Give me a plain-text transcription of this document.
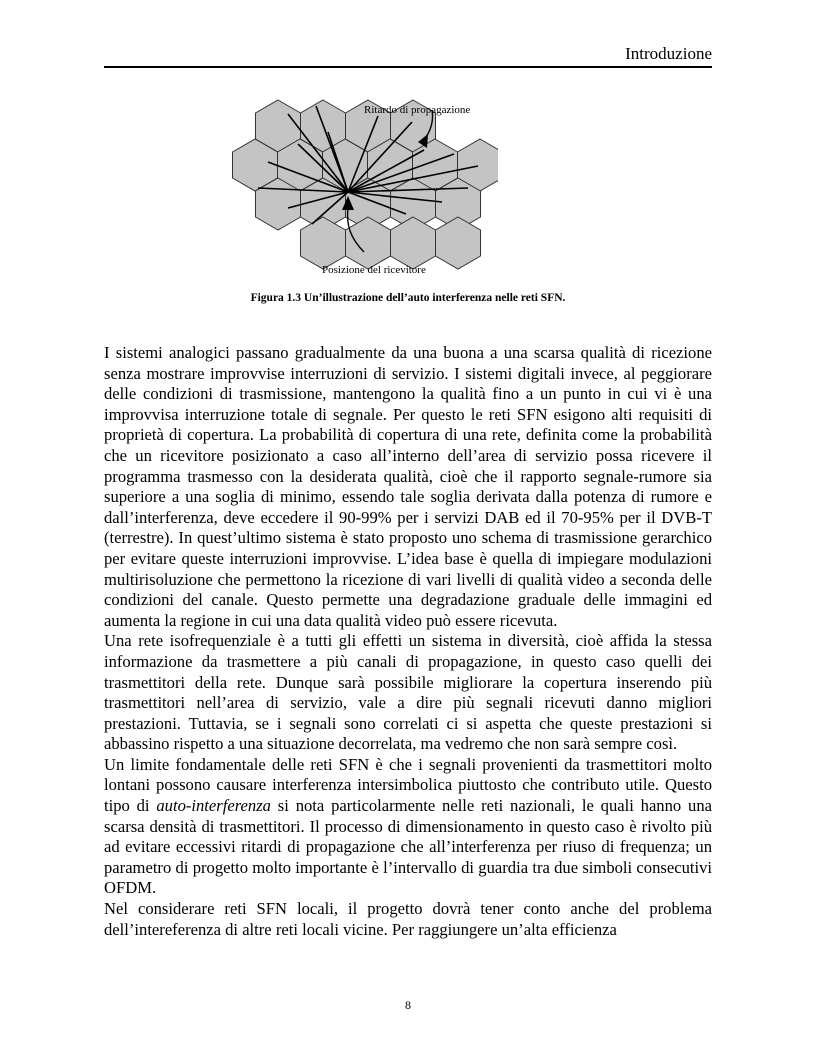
Introduzione
Ritardo di propagazione
Posizione del ricevitore
Figura 1.3 Un’illustrazione dell’auto interferenza nelle reti SFN.

I sistemi analogici passano gradualmente da una buona a una scarsa qualità di ricezione senza mostrare improvvise interruzioni di servizio. I sistemi digitali invece, al peggiorare delle condizioni di trasmissione, mantengono la qualità fino a un punto in cui vi è una improvvisa interruzione totale di segnale. Per questo le reti SFN esigono alti requisiti di proprietà di copertura. La probabilità di copertura di una rete, definita come la probabilità che un ricevitore posizionato a caso all’interno dell’area di servizio possa ricevere il programma trasmesso con la desiderata qualità, cioè che il rapporto segnale-rumore sia superiore a una soglia di minimo, essendo tale soglia derivata dalla potenza di rumore e dall’interferenza, deve eccedere il 90-99% per i servizi DAB ed il 70-95% per il DVB-T (terrestre). In quest’ultimo sistema è stato proposto uno schema di trasmissione gerarchico per evitare queste interruzioni improvvise. L’idea base è quella di impiegare modulazioni multirisoluzione che permettono la ricezione di vari livelli di qualità video a seconda delle condizioni del canale. Questo permette una degradazione graduale delle immagini ed aumenta la regione in cui una data qualità video può essere ricevuta.

Una rete isofrequenziale è a tutti gli effetti un sistema in diversità, cioè affida la stessa informazione da trasmettere a più canali di propagazione, in questo caso quelli dei trasmettitori della rete. Dunque sarà possibile migliorare la copertura inserendo più trasmettitori nell’area di servizio, vale a dire più segnali ricevuti danno migliori prestazioni. Tuttavia, se i segnali sono correlati ci si aspetta che queste prestazioni si abbassino rispetto a una situazione decorrelata, ma vedremo che non sarà sempre così.

Un limite fondamentale delle reti SFN è che i segnali provenienti da trasmettitori molto lontani possono causare interferenza intersimbolica piuttosto che contributo utile. Questo tipo di auto-interferenza si nota particolarmente nelle reti nazionali, le quali hanno una scarsa densità di trasmettitori. Il processo di dimensionamento in questo caso è rivolto più ad evitare eccessivi ritardi di propagazione che all’interferenza per riuso di frequenza; un parametro di progetto molto importante è l’intervallo di guardia tra due simboli consecutivi OFDM.

Nel considerare reti SFN locali, il progetto dovrà tener conto anche del problema dell’intereferenza di altre reti locali vicine. Per raggiungere un’alta efficienza

8
